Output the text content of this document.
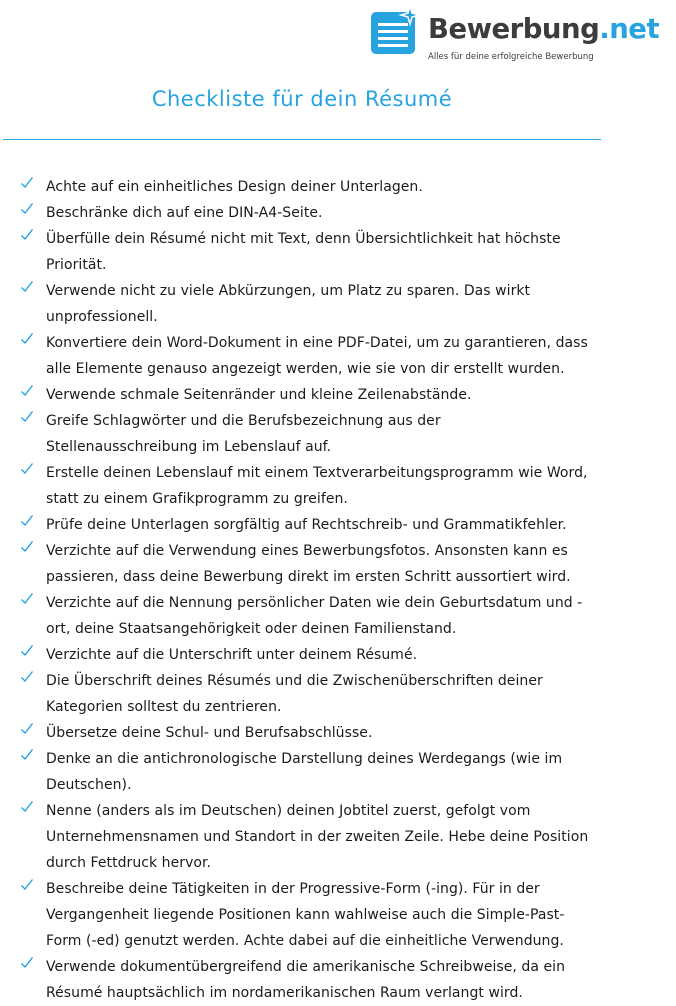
Bewerbung.net
Alles für deine erfolgreiche Bewerbung
Checkliste für dein Résumé
Achte auf ein einheitliches Design deiner Unterlagen.
Beschränke dich auf eine DIN-A4-Seite.
Überfülle dein Résumé nicht mit Text, denn Übersichtlichkeit hat höchste
Priorität.
Verwende nicht zu viele Abkürzungen, um Platz zu sparen. Das wirkt
unprofessionell.
Konvertiere dein Word-Dokument in eine PDF-Datei, um zu garantieren, dass
alle Elemente genauso angezeigt werden, wie sie von dir erstellt wurden.
Verwende schmale Seitenränder und kleine Zeilenabstände.
Greife Schlagwörter und die Berufsbezeichnung aus der
Stellenausschreibung im Lebenslauf auf.
Erstelle deinen Lebenslauf mit einem Textverarbeitungsprogramm wie Word,
statt zu einem Grafikprogramm zu greifen.
Prüfe deine Unterlagen sorgfältig auf Rechtschreib- und Grammatikfehler.
Verzichte auf die Verwendung eines Bewerbungsfotos. Ansonsten kann es
passieren, dass deine Bewerbung direkt im ersten Schritt aussortiert wird.
Verzichte auf die Nennung persönlicher Daten wie dein Geburtsdatum und -
ort, deine Staatsangehörigkeit oder deinen Familienstand.
Verzichte auf die Unterschrift unter deinem Résumé.
Die Überschrift deines Résumés und die Zwischenüberschriften deiner
Kategorien solltest du zentrieren.
Übersetze deine Schul- und Berufsabschlüsse.
Denke an die antichronologische Darstellung deines Werdegangs (wie im
Deutschen).
Nenne (anders als im Deutschen) deinen Jobtitel zuerst, gefolgt vom
Unternehmensnamen und Standort in der zweiten Zeile. Hebe deine Position
durch Fettdruck hervor.
Beschreibe deine Tätigkeiten in der Progressive-Form (-ing). Für in der
Vergangenheit liegende Positionen kann wahlweise auch die Simple-Past-
Form (-ed) genutzt werden. Achte dabei auf die einheitliche Verwendung.
Verwende dokumentübergreifend die amerikanische Schreibweise, da ein
Résumé hauptsächlich im nordamerikanischen Raum verlangt wird.
